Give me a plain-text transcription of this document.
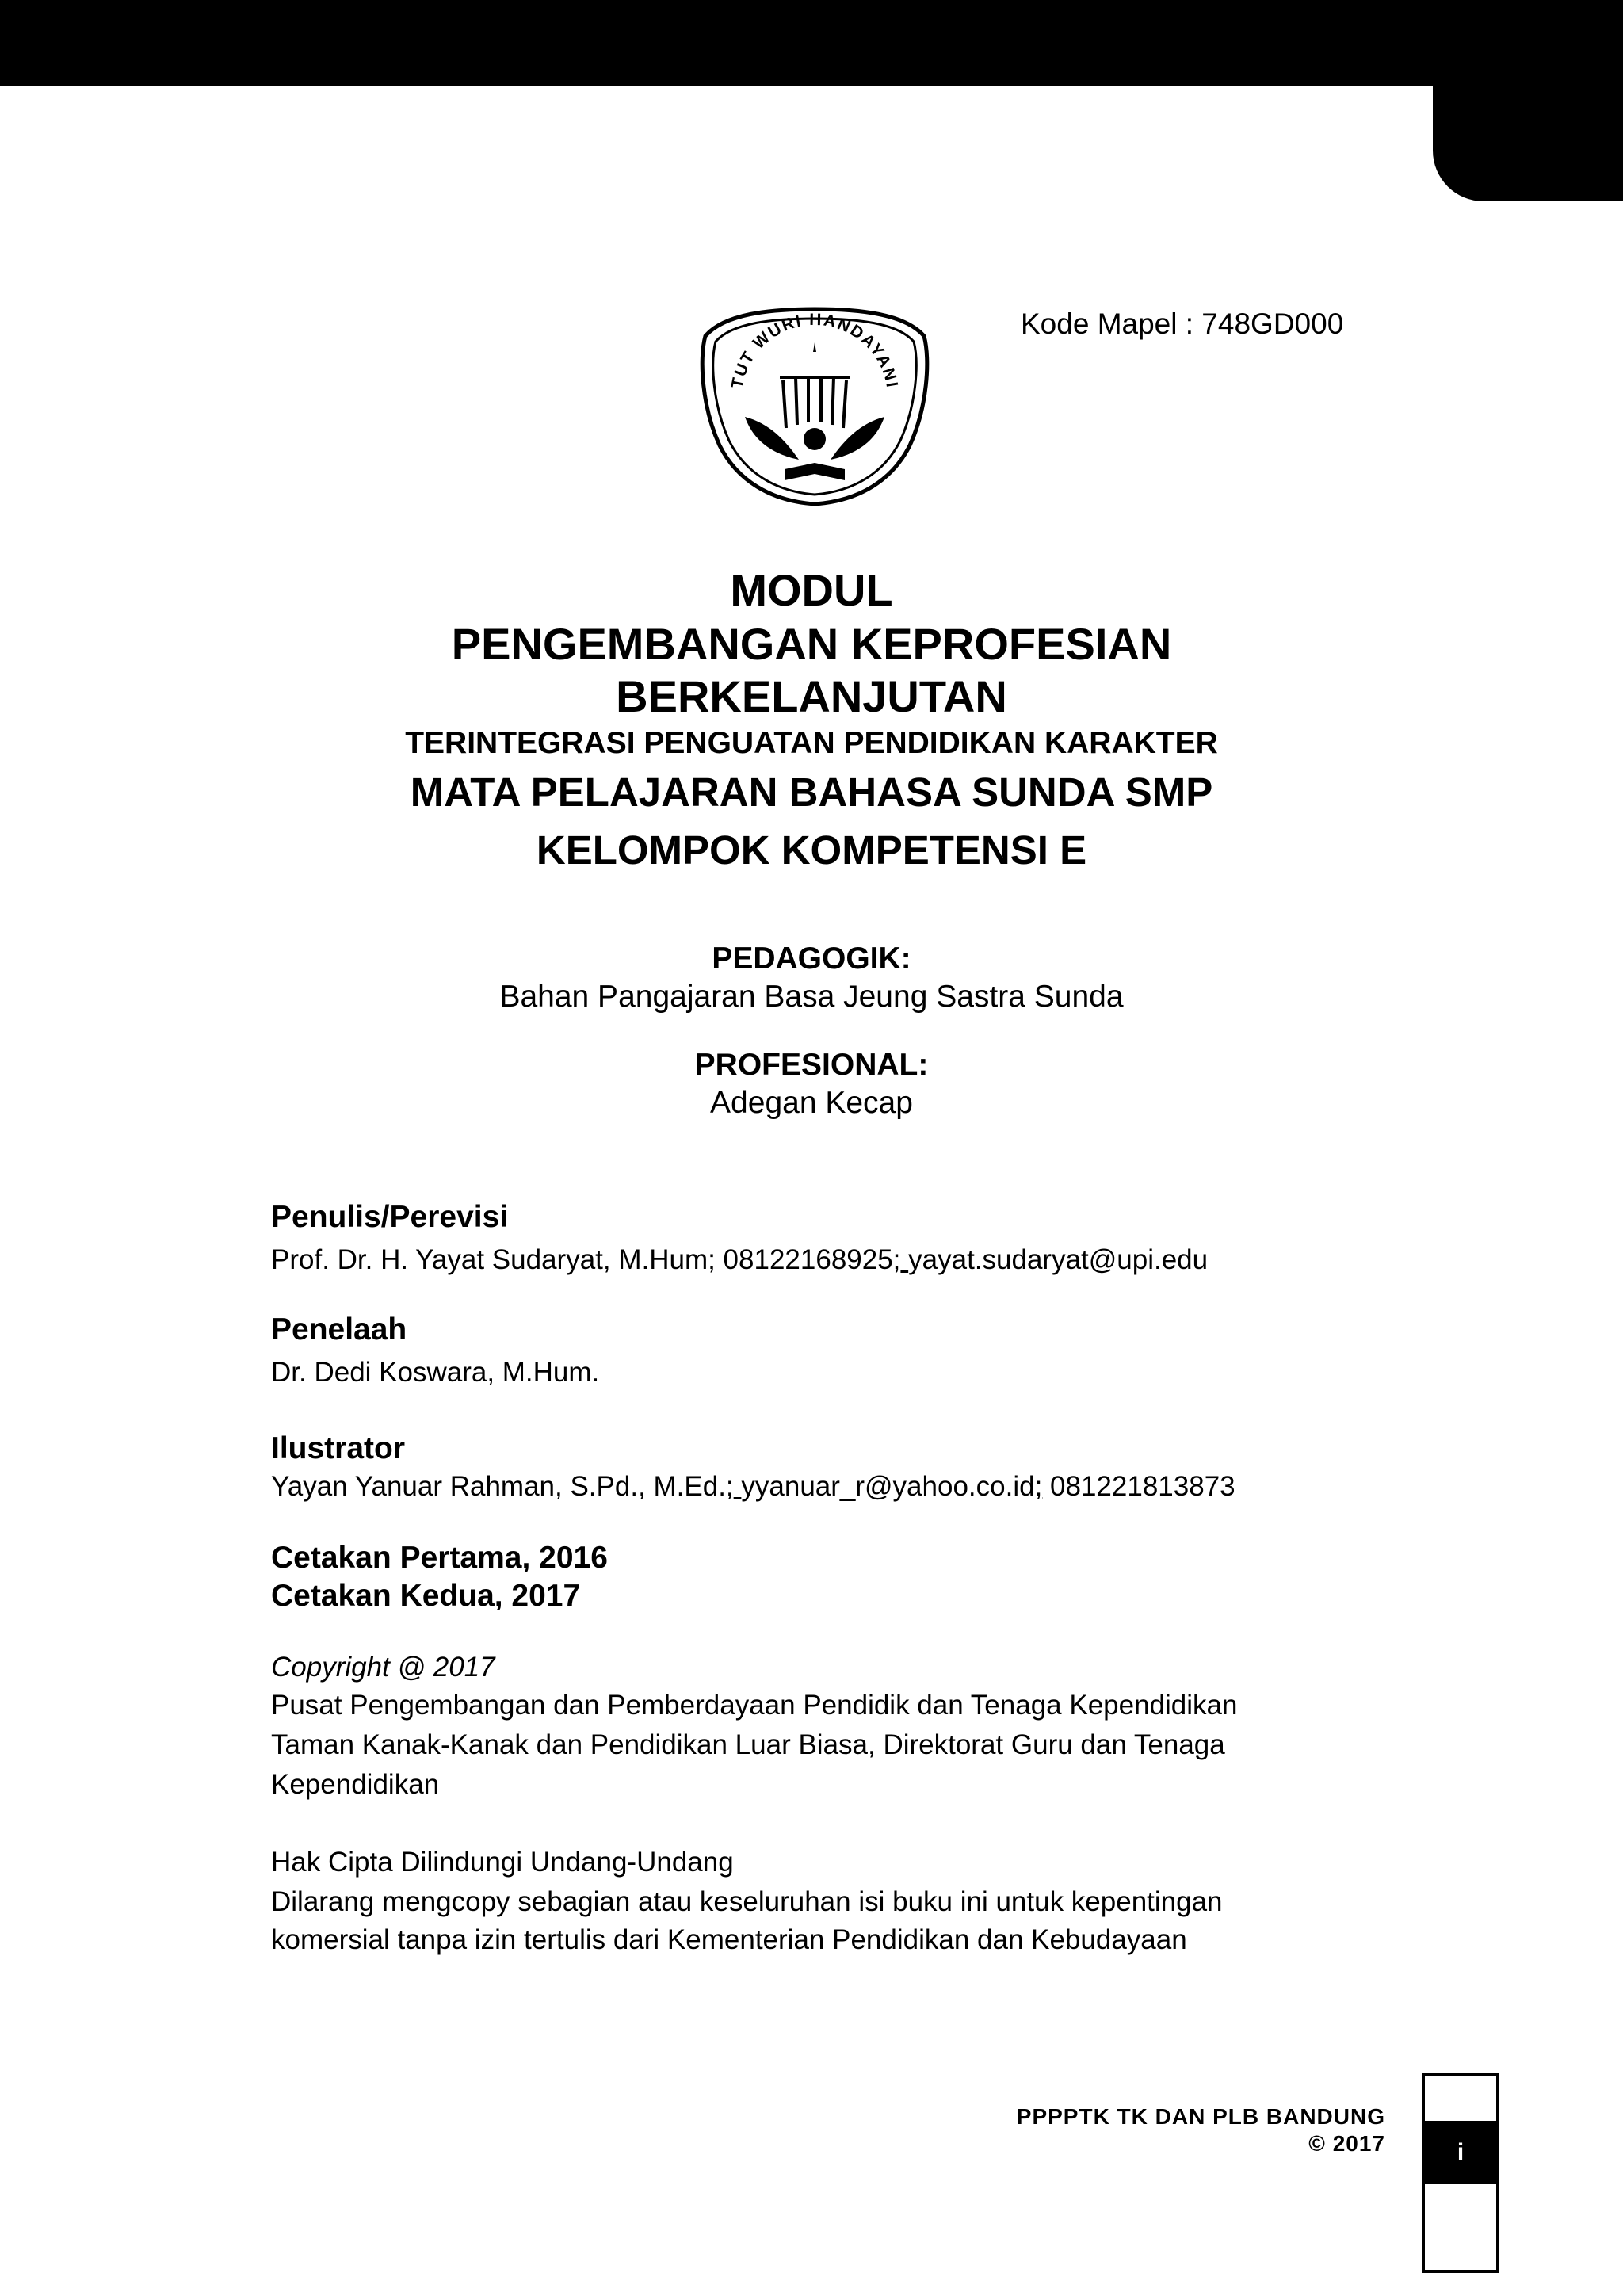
Kode Mapel : 748GD000
TUT WURI HANDAYANI
MODUL
PENGEMBANGAN KEPROFESIAN
BERKELANJUTAN
TERINTEGRASI PENGUATAN PENDIDIKAN KARAKTER
MATA PELAJARAN BAHASA SUNDA SMP
KELOMPOK KOMPETENSI E
PEDAGOGIK:
Bahan Pangajaran Basa Jeung Sastra Sunda
PROFESIONAL:
Adegan Kecap
Penulis/Perevisi
Prof. Dr. H. Yayat Sudaryat, M.Hum; 08122168925; yayat.sudaryat@upi.edu
Penelaah
Dr. Dedi Koswara, M.Hum.
Ilustrator
Yayan Yanuar Rahman, S.Pd., M.Ed.; yyanuar_r@yahoo.co.id; 081221813873
Cetakan Pertama, 2016
Cetakan Kedua, 2017
Copyright @ 2017
Pusat Pengembangan dan Pemberdayaan Pendidik dan Tenaga Kependidikan
Taman Kanak-Kanak dan Pendidikan Luar Biasa, Direktorat Guru dan Tenaga
Kependidikan
Hak Cipta Dilindungi Undang-Undang
Dilarang mengcopy sebagian atau keseluruhan isi buku ini untuk kepentingan
komersial tanpa izin tertulis dari Kementerian Pendidikan dan Kebudayaan
PPPPTK TK DAN PLB BANDUNG
© 2017	i
